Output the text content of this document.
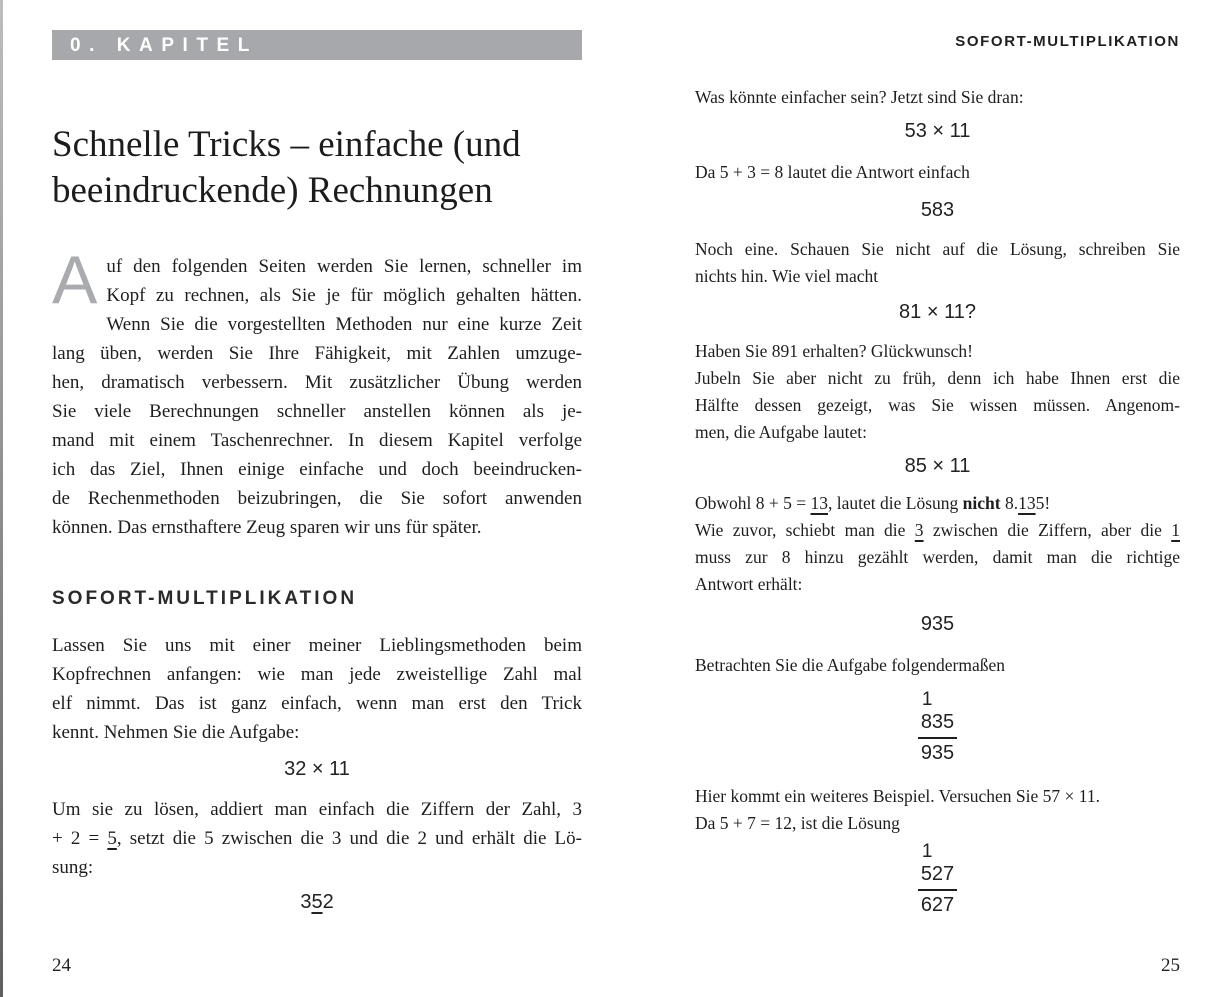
0. KAPITEL
Schnelle Tricks – einfache (und
beeindruckende) Rechnungen
A uf den folgenden Seiten werden Sie lernen, schneller im
Kopf zu rechnen, als Sie je für möglich gehalten hätten.
Wenn Sie die vorgestellten Methoden nur eine kurze Zeit
lang üben, werden Sie Ihre Fähigkeit, mit Zahlen umzuge-
hen, dramatisch verbessern. Mit zusätzlicher Übung werden
Sie viele Berechnungen schneller anstellen können als je-
mand mit einem Taschenrechner. In diesem Kapitel verfolge
ich das Ziel, Ihnen einige einfache und doch beeindrucken-
de Rechenmethoden beizubringen, die Sie sofort anwenden
können. Das ernsthaftere Zeug sparen wir uns für später.
SOFORT-MULTIPLIKATION
Lassen Sie uns mit einer meiner Lieblingsmethoden beim
Kopfrechnen anfangen: wie man jede zweistellige Zahl mal
elf nimmt. Das ist ganz einfach, wenn man erst den Trick
kennt. Nehmen Sie die Aufgabe:
32 × 11
Um sie zu lösen, addiert man einfach die Ziffern der Zahl, 3
+ 2 = 5, setzt die 5 zwischen die 3 und die 2 und erhält die Lö-
sung:
352
SOFORT-MULTIPLIKATION
Was könnte einfacher sein? Jetzt sind Sie dran:
53 × 11
Da 5 + 3 = 8 lautet die Antwort einfach
583
Noch eine. Schauen Sie nicht auf die Lösung, schreiben Sie
nichts hin. Wie viel macht
81 × 11?
Haben Sie 891 erhalten? Glückwunsch!
Jubeln Sie aber nicht zu früh, denn ich habe Ihnen erst die
Hälfte dessen gezeigt, was Sie wissen müssen. Angenom-
men, die Aufgabe lautet:
85 × 11
Obwohl 8 + 5 = 13, lautet die Lösung nicht 8.135!
Wie zuvor, schiebt man die 3 zwischen die Ziffern, aber die 1
muss zur 8 hinzu gezählt werden, damit man die richtige
Antwort erhält:
935
Betrachten Sie die Aufgabe folgendermaßen
1
835
935
Hier kommt ein weiteres Beispiel. Versuchen Sie 57 × 11.
Da 5 + 7 = 12, ist die Lösung
1
527
627
24	25
